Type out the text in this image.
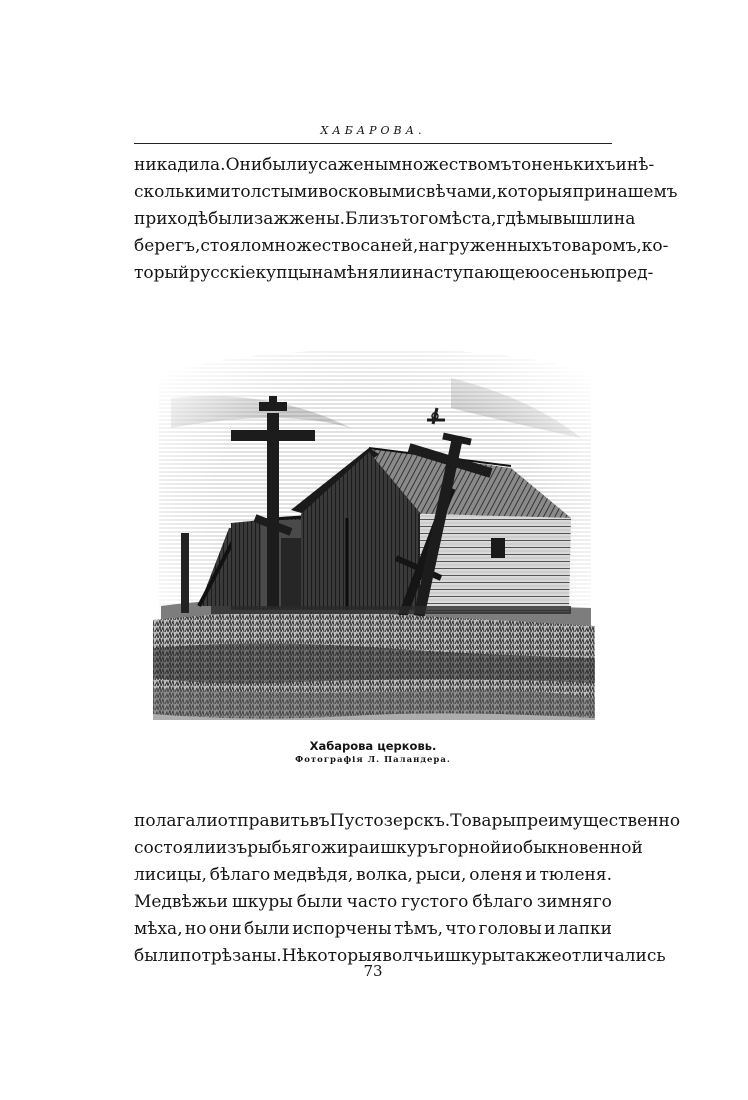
ХАБАРОВА.
никадила. Они были усажены множествомъ тоненькихъ и нѣ-
сколькими толстыми восковыми свѣчами, которыя при нашемъ
приходѣ были зажжены. Близъ того мѣста, гдѣ мы вышли на
берегъ, стояло множество саней, нагруженныхъ товаромъ, ко-
торый русскіе купцы намѣняли и наступающею осенью пред-
Хабарова церковь.
Фотографія Л. Паландера.
полагали отправить въ Пустозерскъ. Товары преимущественно
состояли изъ рыбьяго жира и шкуръ горной и обыкновенной
лисицы, бѣлаго медвѣдя, волка, рыси, оленя и тюленя.
Медвѣжьи шкуры были часто густого бѣлаго зимняго
мѣха, но они были испорчены тѣмъ, что головы и лапки
были потрѣзаны. Нѣкоторыя волчьи шкуры также отличались
73
